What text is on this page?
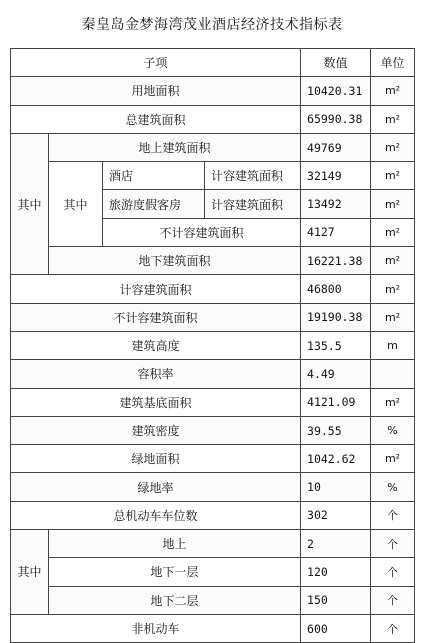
秦皇岛金梦海湾茂业酒店经济技术指标表
子项				数值	单位
用地面积				10420.31	m²
总建筑面积				65990.38	m²
其中	地上建筑面积			49769	m²
	其中	酒店	计容建筑面积	32149	m²
		旅游度假客房	计容建筑面积	13492	m²
		不计容建筑面积		4127	m²
	地下建筑面积			16221.38	m²
计容建筑面积				46800	m²
不计容建筑面积				19190.38	m²
建筑高度				135.5	m
容积率				4.49	
建筑基底面积				4121.09	m²
建筑密度				39.55	%
绿地面积				1042.62	m²
绿地率				10	%
总机动车车位数				302	个
其中	地上			2	个
	地下一层			120	个
	地下二层			150	个
非机动车				600	个
